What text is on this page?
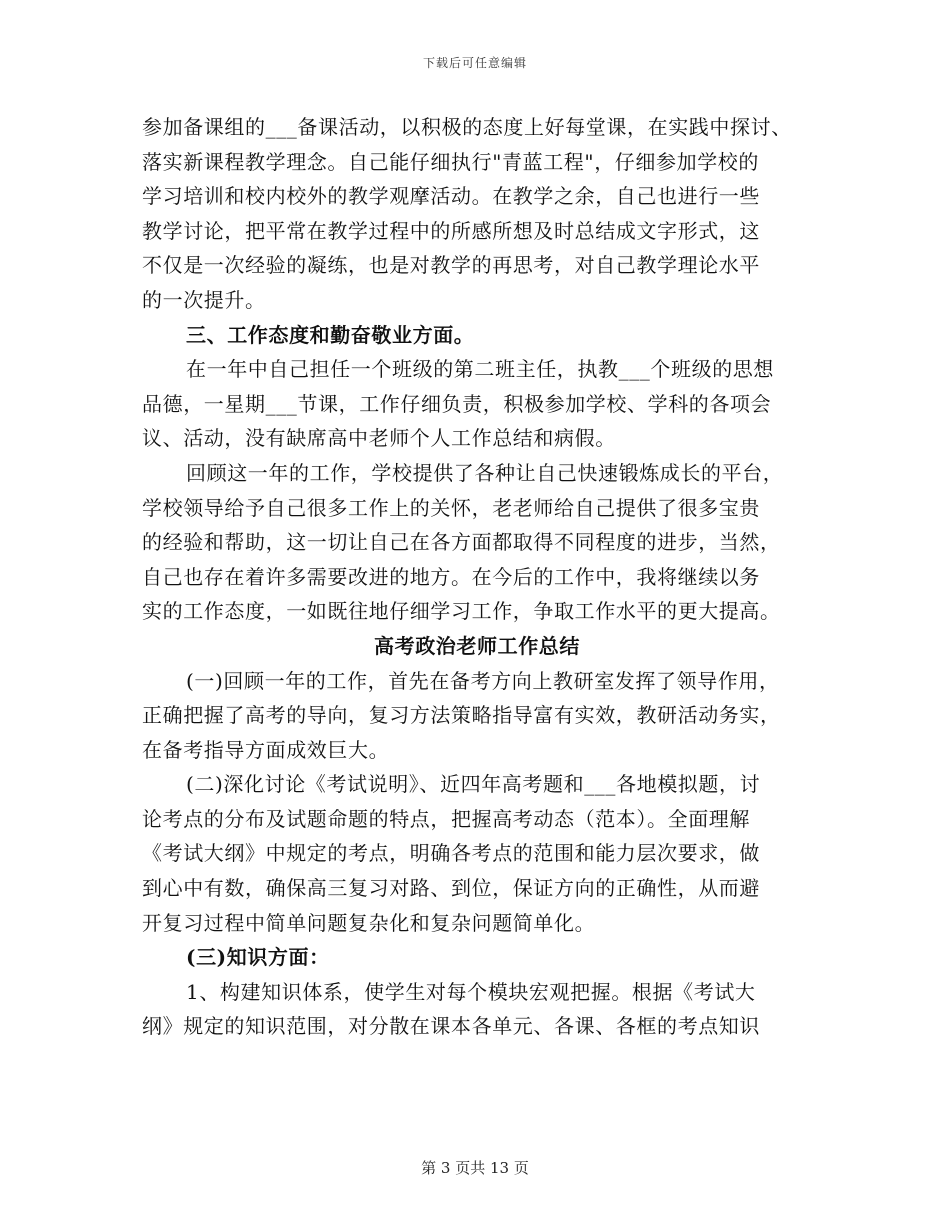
下载后可任意编辑
参加备课组的___备课活动，以积极的态度上好每堂课，在实践中探讨、
落实新课程教学理念。自己能仔细执行"青蓝工程"，仔细参加学校的
学习培训和校内校外的教学观摩活动。在教学之余，自己也进行一些
教学讨论，把平常在教学过程中的所感所想及时总结成文字形式，这
不仅是一次经验的凝练，也是对教学的再思考，对自己教学理论水平
的一次提升。
三、工作态度和勤奋敬业方面。
在一年中自己担任一个班级的第二班主任，执教___个班级的思想
品德，一星期___节课，工作仔细负责，积极参加学校、学科的各项会
议、活动，没有缺席高中老师个人工作总结和病假。
回顾这一年的工作，学校提供了各种让自己快速锻炼成长的平台，
学校领导给予自己很多工作上的关怀，老老师给自己提供了很多宝贵
的经验和帮助，这一切让自己在各方面都取得不同程度的进步，当然，
自己也存在着许多需要改进的地方。在今后的工作中，我将继续以务
实的工作态度，一如既往地仔细学习工作，争取工作水平的更大提高。
高考政治老师工作总结
(一)回顾一年的工作，首先在备考方向上教研室发挥了领导作用，
正确把握了高考的导向，复习方法策略指导富有实效，教研活动务实，
在备考指导方面成效巨大。
(二)深化讨论《考试说明》、近四年高考题和___各地模拟题，讨
论考点的分布及试题命题的特点，把握高考动态（范本）。全面理解
《考试大纲》中规定的考点，明确各考点的范围和能力层次要求，做
到心中有数，确保高三复习对路、到位，保证方向的正确性，从而避
开复习过程中简单问题复杂化和复杂问题简单化。
(三)知识方面：
1、构建知识体系，使学生对每个模块宏观把握。根据《考试大
纲》规定的知识范围，对分散在课本各单元、各课、各框的考点知识
第 3 页共 13 页
